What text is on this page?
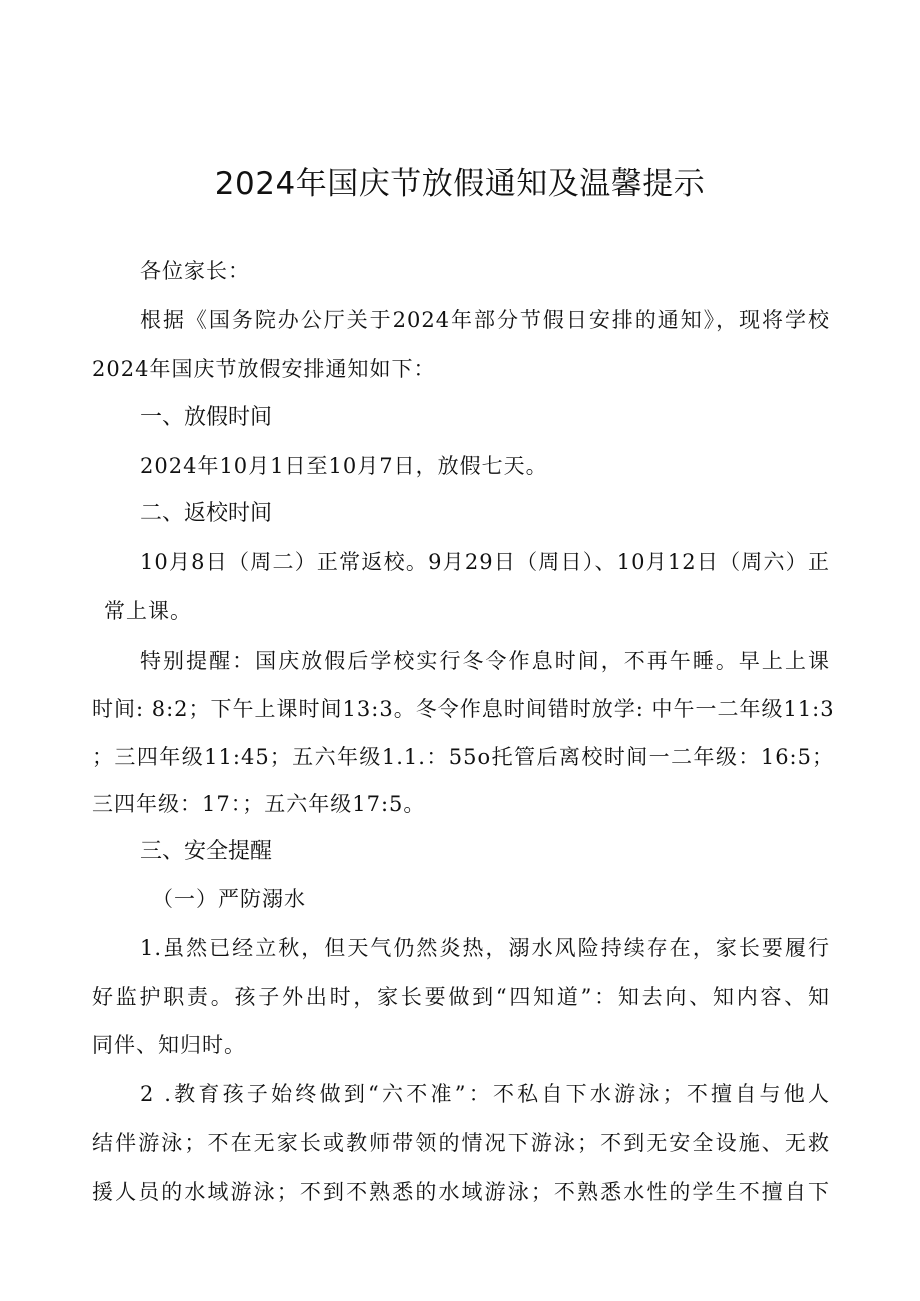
2024年国庆节放假通知及温馨提示
各位家长：
根据《国务院办公厅关于2024年部分节假日安排的通知》，现将学校
2024年国庆节放假安排通知如下：
一、放假时间
2024年10月1日至10月7日，放假七天。
二、返校时间
10月8日（周二）正常返校。9月29日（周日）、10月12日（周六）正
常上课。
特别提醒：国庆放假后学校实行冬令作息时间，不再午睡。早上上课
时间: 8:2；下午上课时间13:3。冬令作息时间错时放学: 中午一二年级11:3
；三四年级11:45；五六年级1.1.：55o托管后离校时间一二年级：16:5；
三四年级：17：；五六年级17:5。
三、安全提醒
（一）严防溺水
1.虽然已经立秋，但天气仍然炎热，溺水风险持续存在，家长要履行
好监护职责。孩子外出时，家长要做到“四知道”：知去向、知内容、知
同伴、知归时。
2 .教育孩子始终做到“六不准”：不私自下水游泳；不擅自与他人
结伴游泳；不在无家长或教师带领的情况下游泳；不到无安全设施、无救
援人员的水域游泳；不到不熟悉的水域游泳；不熟悉水性的学生不擅自下
